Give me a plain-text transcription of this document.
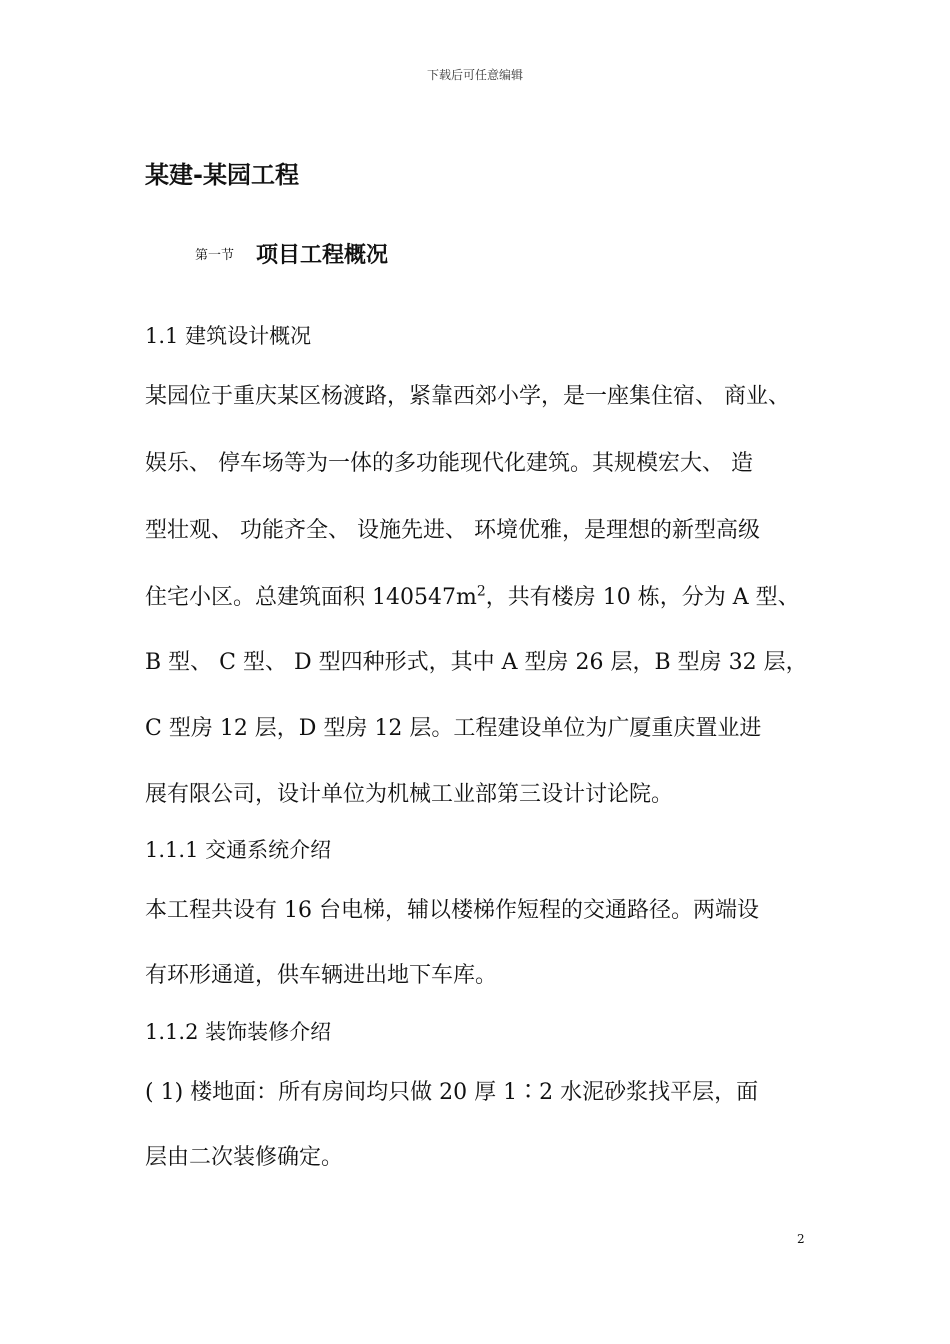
下载后可任意编辑
某建-某园工程
第一节 项目工程概况
1.1 建筑设计概况
某园位于重庆某区杨渡路，紧靠西郊小学，是一座集住宿、 商业、
娱乐、 停车场等为一体的多功能现代化建筑。其规模宏大、 造
型壮观、 功能齐全、 设施先进、 环境优雅，是理想的新型高级
住宅小区。总建筑面积 $140547m^2$，共有楼房 10 栋，分为 A 型、
B 型、 C 型、 D 型四种形式，其中 A 型房 26 层，B 型房 32 层，
C 型房 12 层，D 型房 12 层。工程建设单位为广厦重庆置业进
展有限公司，设计单位为机械工业部第三设计讨论院。
1.1.1 交通系统介绍
本工程共设有 16 台电梯，辅以楼梯作短程的交通路径。两端设
有环形通道，供车辆进出地下车库。
1.1.2 装饰装修介绍
( 1) 楼地面：所有房间均只做 20 厚 1∶2 水泥砂浆找平层，面
层由二次装修确定。
2
